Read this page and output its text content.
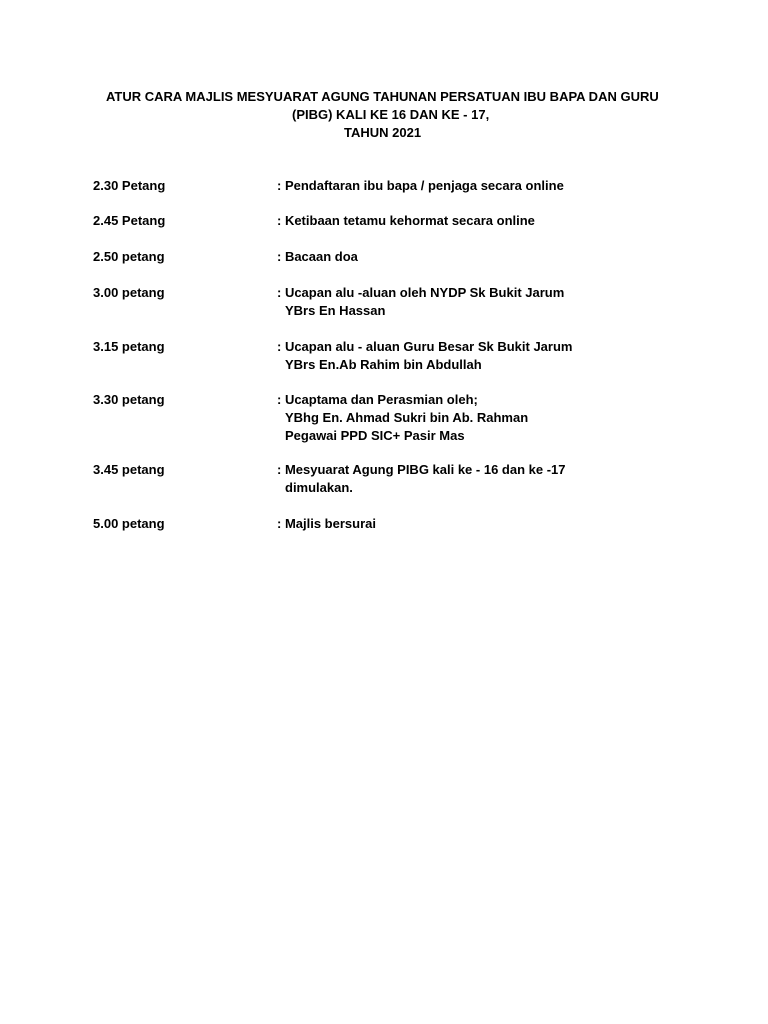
ATUR CARA MAJLIS MESYUARAT AGUNG TAHUNAN PERSATUAN IBU BAPA DAN GURU
(PIBG) KALI KE 16 DAN KE - 17,
TAHUN 2021
2.30 Petang	: Pendaftaran ibu bapa / penjaga secara online
2.45 Petang	: Ketibaan tetamu kehormat secara online
2.50 petang	: Bacaan doa
3.00 petang	: Ucapan alu -aluan oleh NYDP Sk Bukit Jarum
YBrs En Hassan
3.15 petang	: Ucapan alu - aluan Guru Besar Sk Bukit Jarum
YBrs En.Ab Rahim bin Abdullah
3.30 petang	: Ucaptama dan Perasmian oleh;
YBhg En. Ahmad Sukri bin Ab. Rahman
Pegawai PPD SIC+ Pasir Mas
3.45 petang	: Mesyuarat Agung PIBG kali ke - 16 dan ke -17
dimulakan.
5.00 petang	: Majlis bersurai
